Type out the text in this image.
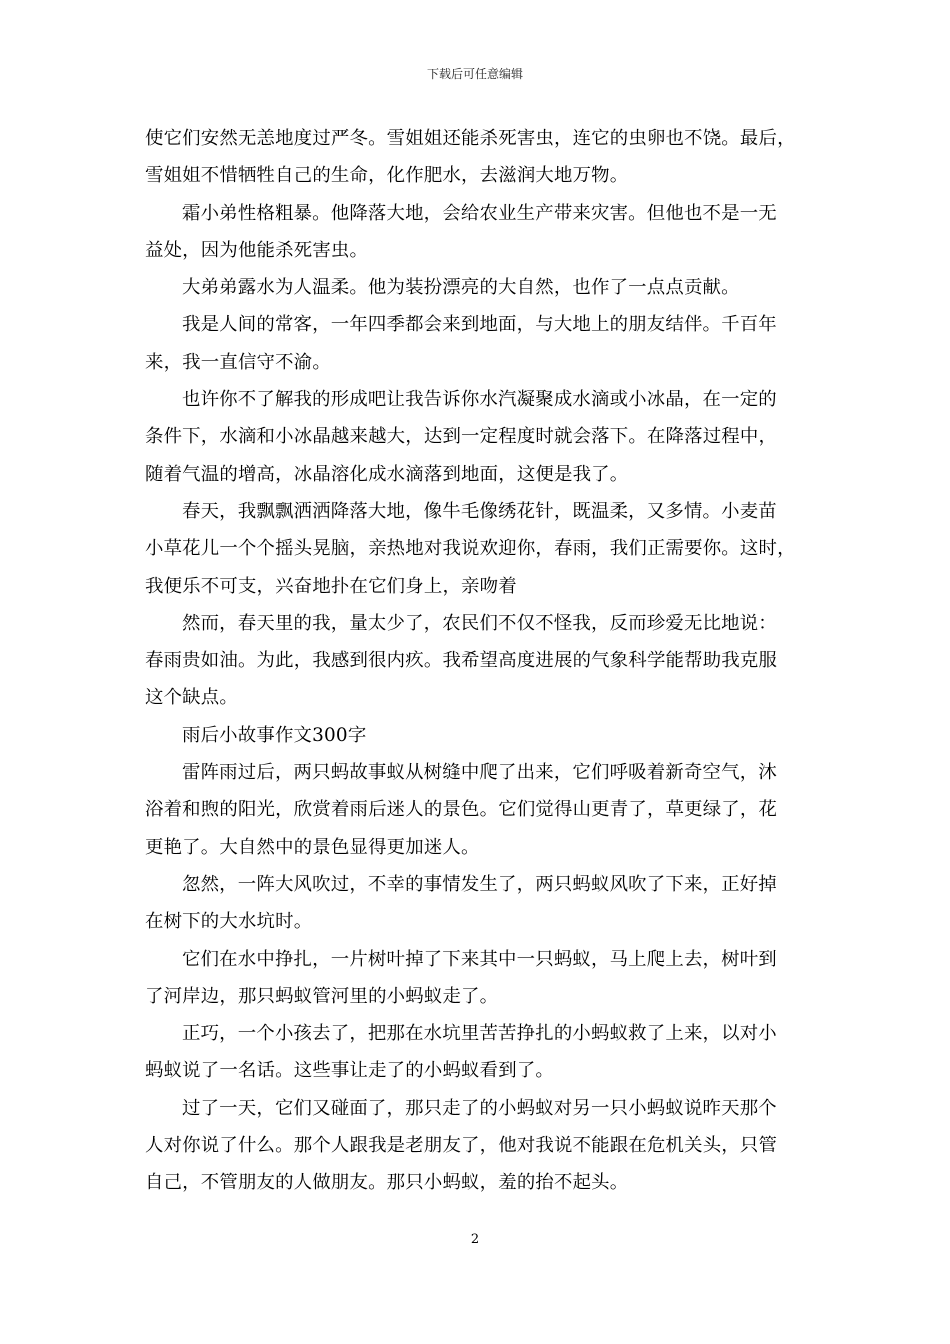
下载后可任意编辑

使它们安然无恙地度过严冬。雪姐姐还能杀死害虫，连它的虫卵也不饶。最后，
雪姐姐不惜牺牲自己的生命，化作肥水，去滋润大地万物。

霜小弟性格粗暴。他降落大地，会给农业生产带来灾害。但他也不是一无
益处，因为他能杀死害虫。

大弟弟露水为人温柔。他为装扮漂亮的大自然，也作了一点点贡献。

我是人间的常客，一年四季都会来到地面，与大地上的朋友结伴。千百年
来，我一直信守不渝。

也许你不了解我的形成吧让我告诉你水汽凝聚成水滴或小冰晶，在一定的
条件下，水滴和小冰晶越来越大，达到一定程度时就会落下。在降落过程中，
随着气温的增高，冰晶溶化成水滴落到地面，这便是我了。

春天，我飘飘洒洒降落大地，像牛毛像绣花针，既温柔，又多情。小麦苗
小草花儿一个个摇头晃脑，亲热地对我说欢迎你，春雨，我们正需要你。这时，
我便乐不可支，兴奋地扑在它们身上，亲吻着

然而，春天里的我，量太少了，农民们不仅不怪我，反而珍爱无比地说：
春雨贵如油。为此，我感到很内疚。我希望高度进展的气象科学能帮助我克服
这个缺点。

雨后小故事作文300字

雷阵雨过后，两只蚂故事蚁从树缝中爬了出来，它们呼吸着新奇空气，沐
浴着和煦的阳光，欣赏着雨后迷人的景色。它们觉得山更青了，草更绿了，花
更艳了。大自然中的景色显得更加迷人。

忽然，一阵大风吹过，不幸的事情发生了，两只蚂蚁风吹了下来，正好掉
在树下的大水坑时。

它们在水中挣扎，一片树叶掉了下来其中一只蚂蚁，马上爬上去，树叶到
了河岸边，那只蚂蚁管河里的小蚂蚁走了。

正巧，一个小孩去了，把那在水坑里苦苦挣扎的小蚂蚁救了上来，以对小
蚂蚁说了一名话。这些事让走了的小蚂蚁看到了。

过了一天，它们又碰面了，那只走了的小蚂蚁对另一只小蚂蚁说昨天那个
人对你说了什么。那个人跟我是老朋友了，他对我说不能跟在危机关头，只管
自己，不管朋友的人做朋友。那只小蚂蚁，羞的抬不起头。

2
